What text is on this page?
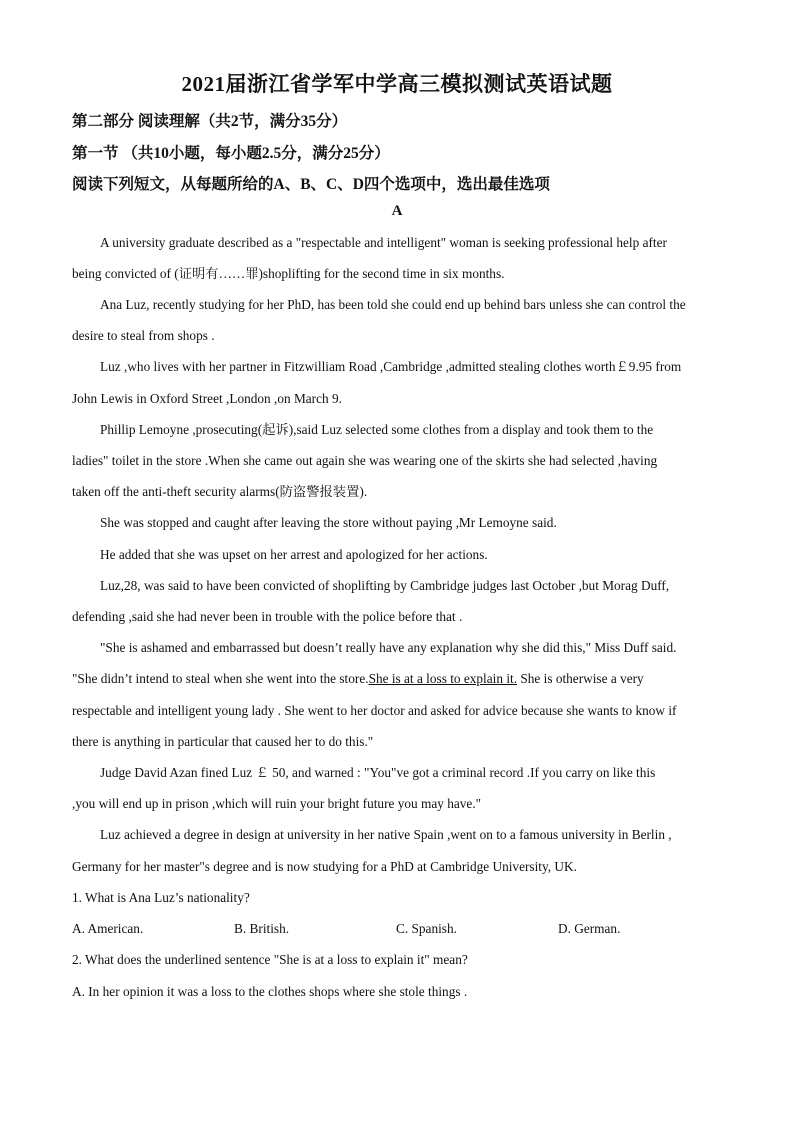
2021届浙江省学军中学高三模拟测试英语试题
第二部分 阅读理解（共2节，满分35分）
第一节 （共10小题，每小题2.5分，满分25分）
阅读下列短文，从每题所给的A、B、C、D四个选项中，选出最佳选项
A
A university graduate described as a "respectable and intelligent" woman is seeking professional help after
being convicted of (证明有……罪)shoplifting for the second time in six months.
Ana Luz, recently studying for her PhD, has been told she could end up behind bars unless she can control the
desire to steal from shops .
Luz ,who lives with her partner in Fitzwilliam Road ,Cambridge ,admitted stealing clothes worth￡9.95 from
John Lewis in Oxford Street ,London ,on March 9.
Phillip Lemoyne ,prosecuting(起诉),said Luz selected some clothes from a display and took them to the
ladies" toilet in the store .When she came out again she was wearing one of the skirts she had selected ,having
taken off the anti-theft security alarms(防盗警报装置).
She was stopped and caught after leaving the store without paying ,Mr Lemoyne said.
He added that she was upset on her arrest and apologized for her actions.
Luz,28, was said to have been convicted of shoplifting by Cambridge judges last October ,but Morag Duff,
defending ,said she had never been in trouble with the police before that .
"She is ashamed and embarrassed but doesn’t really have any explanation why she did this," Miss Duff said.
"She didn’t intend to steal when she went into the store.She is at a loss to explain it. She is otherwise a very
respectable and intelligent young lady . She went to her doctor and asked for advice because she wants to know if
there is anything in particular that caused her to do this."
Judge David Azan fined Luz ￡ 50, and warned : "You"ve got a criminal record .If you carry on like this
,you will end up in prison ,which will ruin your bright future you may have."
Luz achieved a degree in design at university in her native Spain ,went on to a famous university in Berlin ,
Germany for her master"s degree and is now studying for a PhD at Cambridge University, UK.
1. What is Ana Luz’s nationality?
A. American.	B. British.	C. Spanish.	D. German.
2. What does the underlined sentence "She is at a loss to explain it" mean?
A. In her opinion it was a loss to the clothes shops where she stole things .
